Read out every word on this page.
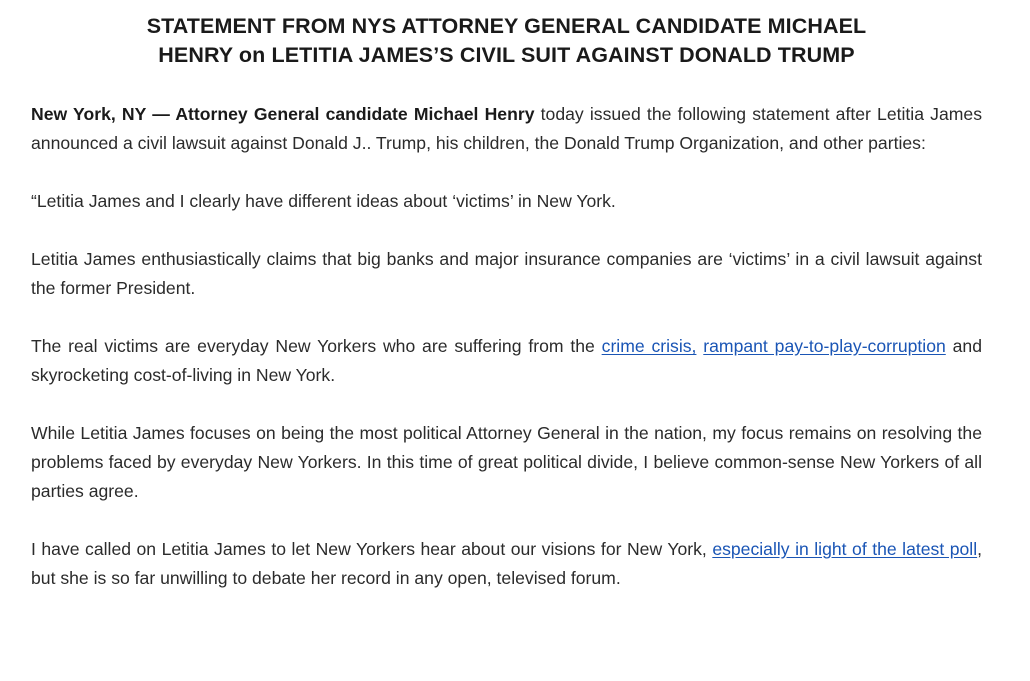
STATEMENT FROM NYS ATTORNEY GENERAL CANDIDATE MICHAEL
HENRY on LETITIA JAMES’S CIVIL SUIT AGAINST DONALD TRUMP

New York, NY — Attorney General candidate Michael Henry today issued the following statement after Letitia James announced a civil lawsuit against Donald J.. Trump, his children, the Donald Trump Organization, and other parties:

“Letitia James and I clearly have different ideas about ‘victims’ in New York.

Letitia James enthusiastically claims that big banks and major insurance companies are ‘victims’ in a civil lawsuit against the former President.

The real victims are everyday New Yorkers who are suffering from the crime crisis, rampant pay-to-play-corruption and skyrocketing cost-of-living in New York.

While Letitia James focuses on being the most political Attorney General in the nation, my focus remains on resolving the problems faced by everyday New Yorkers. In this time of great political divide, I believe common-sense New Yorkers of all parties agree.

I have called on Letitia James to let New Yorkers hear about our visions for New York, especially in light of the latest poll, but she is so far unwilling to debate her record in any open, televised forum.
